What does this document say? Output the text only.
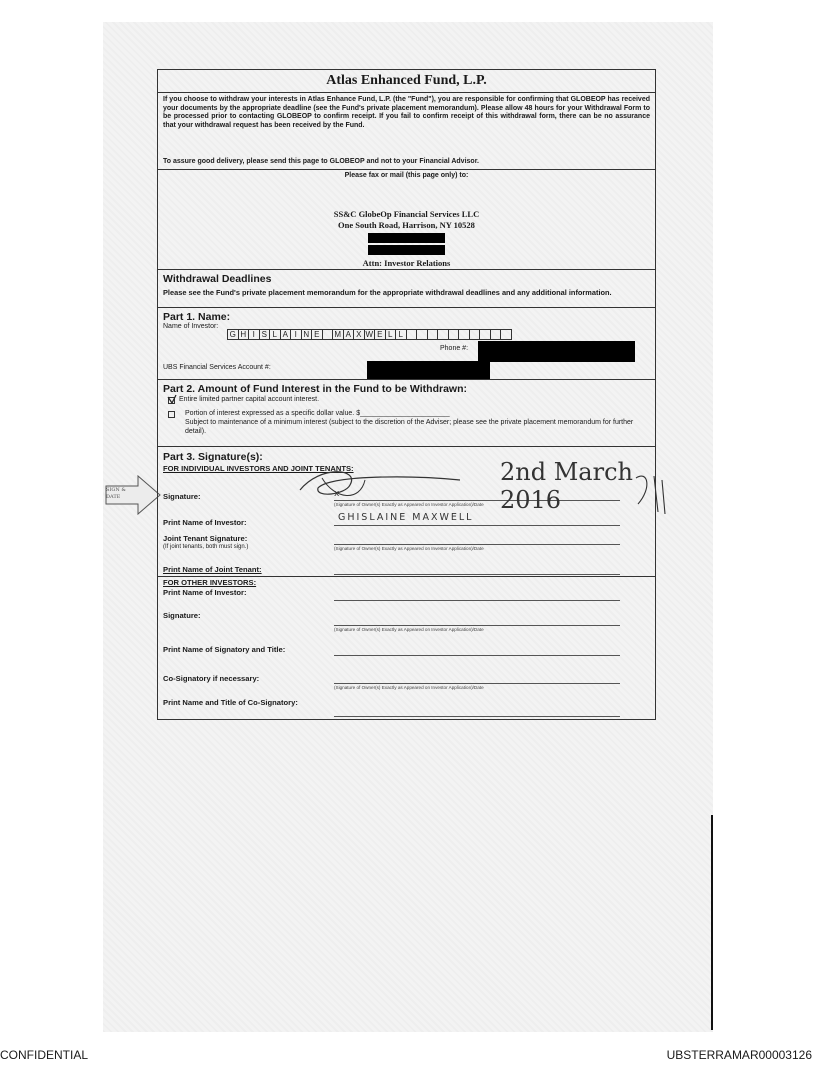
SIGN & DATE
Atlas Enhanced Fund, L.P.
If you choose to withdraw your interests in Atlas Enhance Fund, L.P. (the "Fund"), you are responsible for confirming that GLOBEOP has received your documents by the appropriate deadline (see the Fund's private placement memorandum). Please allow 48 hours for your Withdrawal Form to be processed prior to contacting GLOBEOP to confirm receipt. If you fail to confirm receipt of this withdrawal form, there can be no assurance that your withdrawal request has been received by the Fund.
To assure good delivery, please send this page to GLOBEOP and not to your Financial Advisor.
Please fax or mail (this page only) to:
SS&C GlobeOp Financial Services LLC
One South Road, Harrison, NY 10528
Attn: Investor Relations
Withdrawal Deadlines
Please see the Fund's private placement memorandum for the appropriate withdrawal deadlines and any additional information.
Part 1. Name:
Name of Investor:
G H I S L A I N E	M A X W E L L
Phone #:
UBS Financial Services Account #:
Part 2. Amount of Fund Interest in the Fund to be Withdrawn:
Entire limited partner capital account interest.
Portion of interest expressed as a specific dollar value. $_______________________
Subject to maintenance of a minimum interest (subject to the discretion of the Adviser; please see the private placement memorandum for further detail).
Part 3. Signature(s):
FOR INDIVIDUAL INVESTORS AND JOINT TENANTS:
Signature:	x
(Signature of Owner(s) Exactly as Appeared on Investor Application)/Date
2nd March 2016
Print Name of Investor:	GHISLAINE MAXWELL
Joint Tenant Signature:
(If joint tenants, both must sign.)	(Signature of Owner(s) Exactly as Appeared on Investor Application)/Date
Print Name of Joint Tenant:
FOR OTHER INVESTORS:
Print Name of Investor:
Signature:
(Signature of Owner(s) Exactly as Appeared on Investor Application)/Date
Print Name of Signatory and Title:
Co-Signatory if necessary:
(Signature of Owner(s) Exactly as Appeared on Investor Application)/Date
Print Name and Title of Co-Signatory:
CONFIDENTIAL	UBSTERRAMAR00003126
